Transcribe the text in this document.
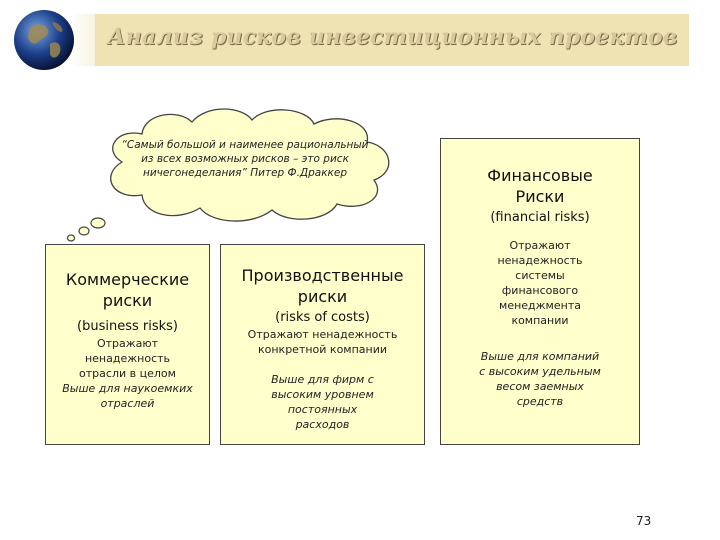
Анализ рисков инвестиционных проектов
“Самый большой и наименее рациональный из всех возможных рисков – это риск ничегонеделания” Питер Ф.Драккер
Коммерческие риски
(business risks)
Отражают ненадежность отрасли в целом
Выше для наукоемких отраслей
Производственные риски
(risks of costs)
Отражают ненадежность конкретной компании
Выше для фирм с высоким уровнем постоянных расходов
Финансовые Риски
(financial risks)
Отражают ненадежность системы финансового менеджмента компании
Выше для компаний с высоким удельным весом заемных средств
73
